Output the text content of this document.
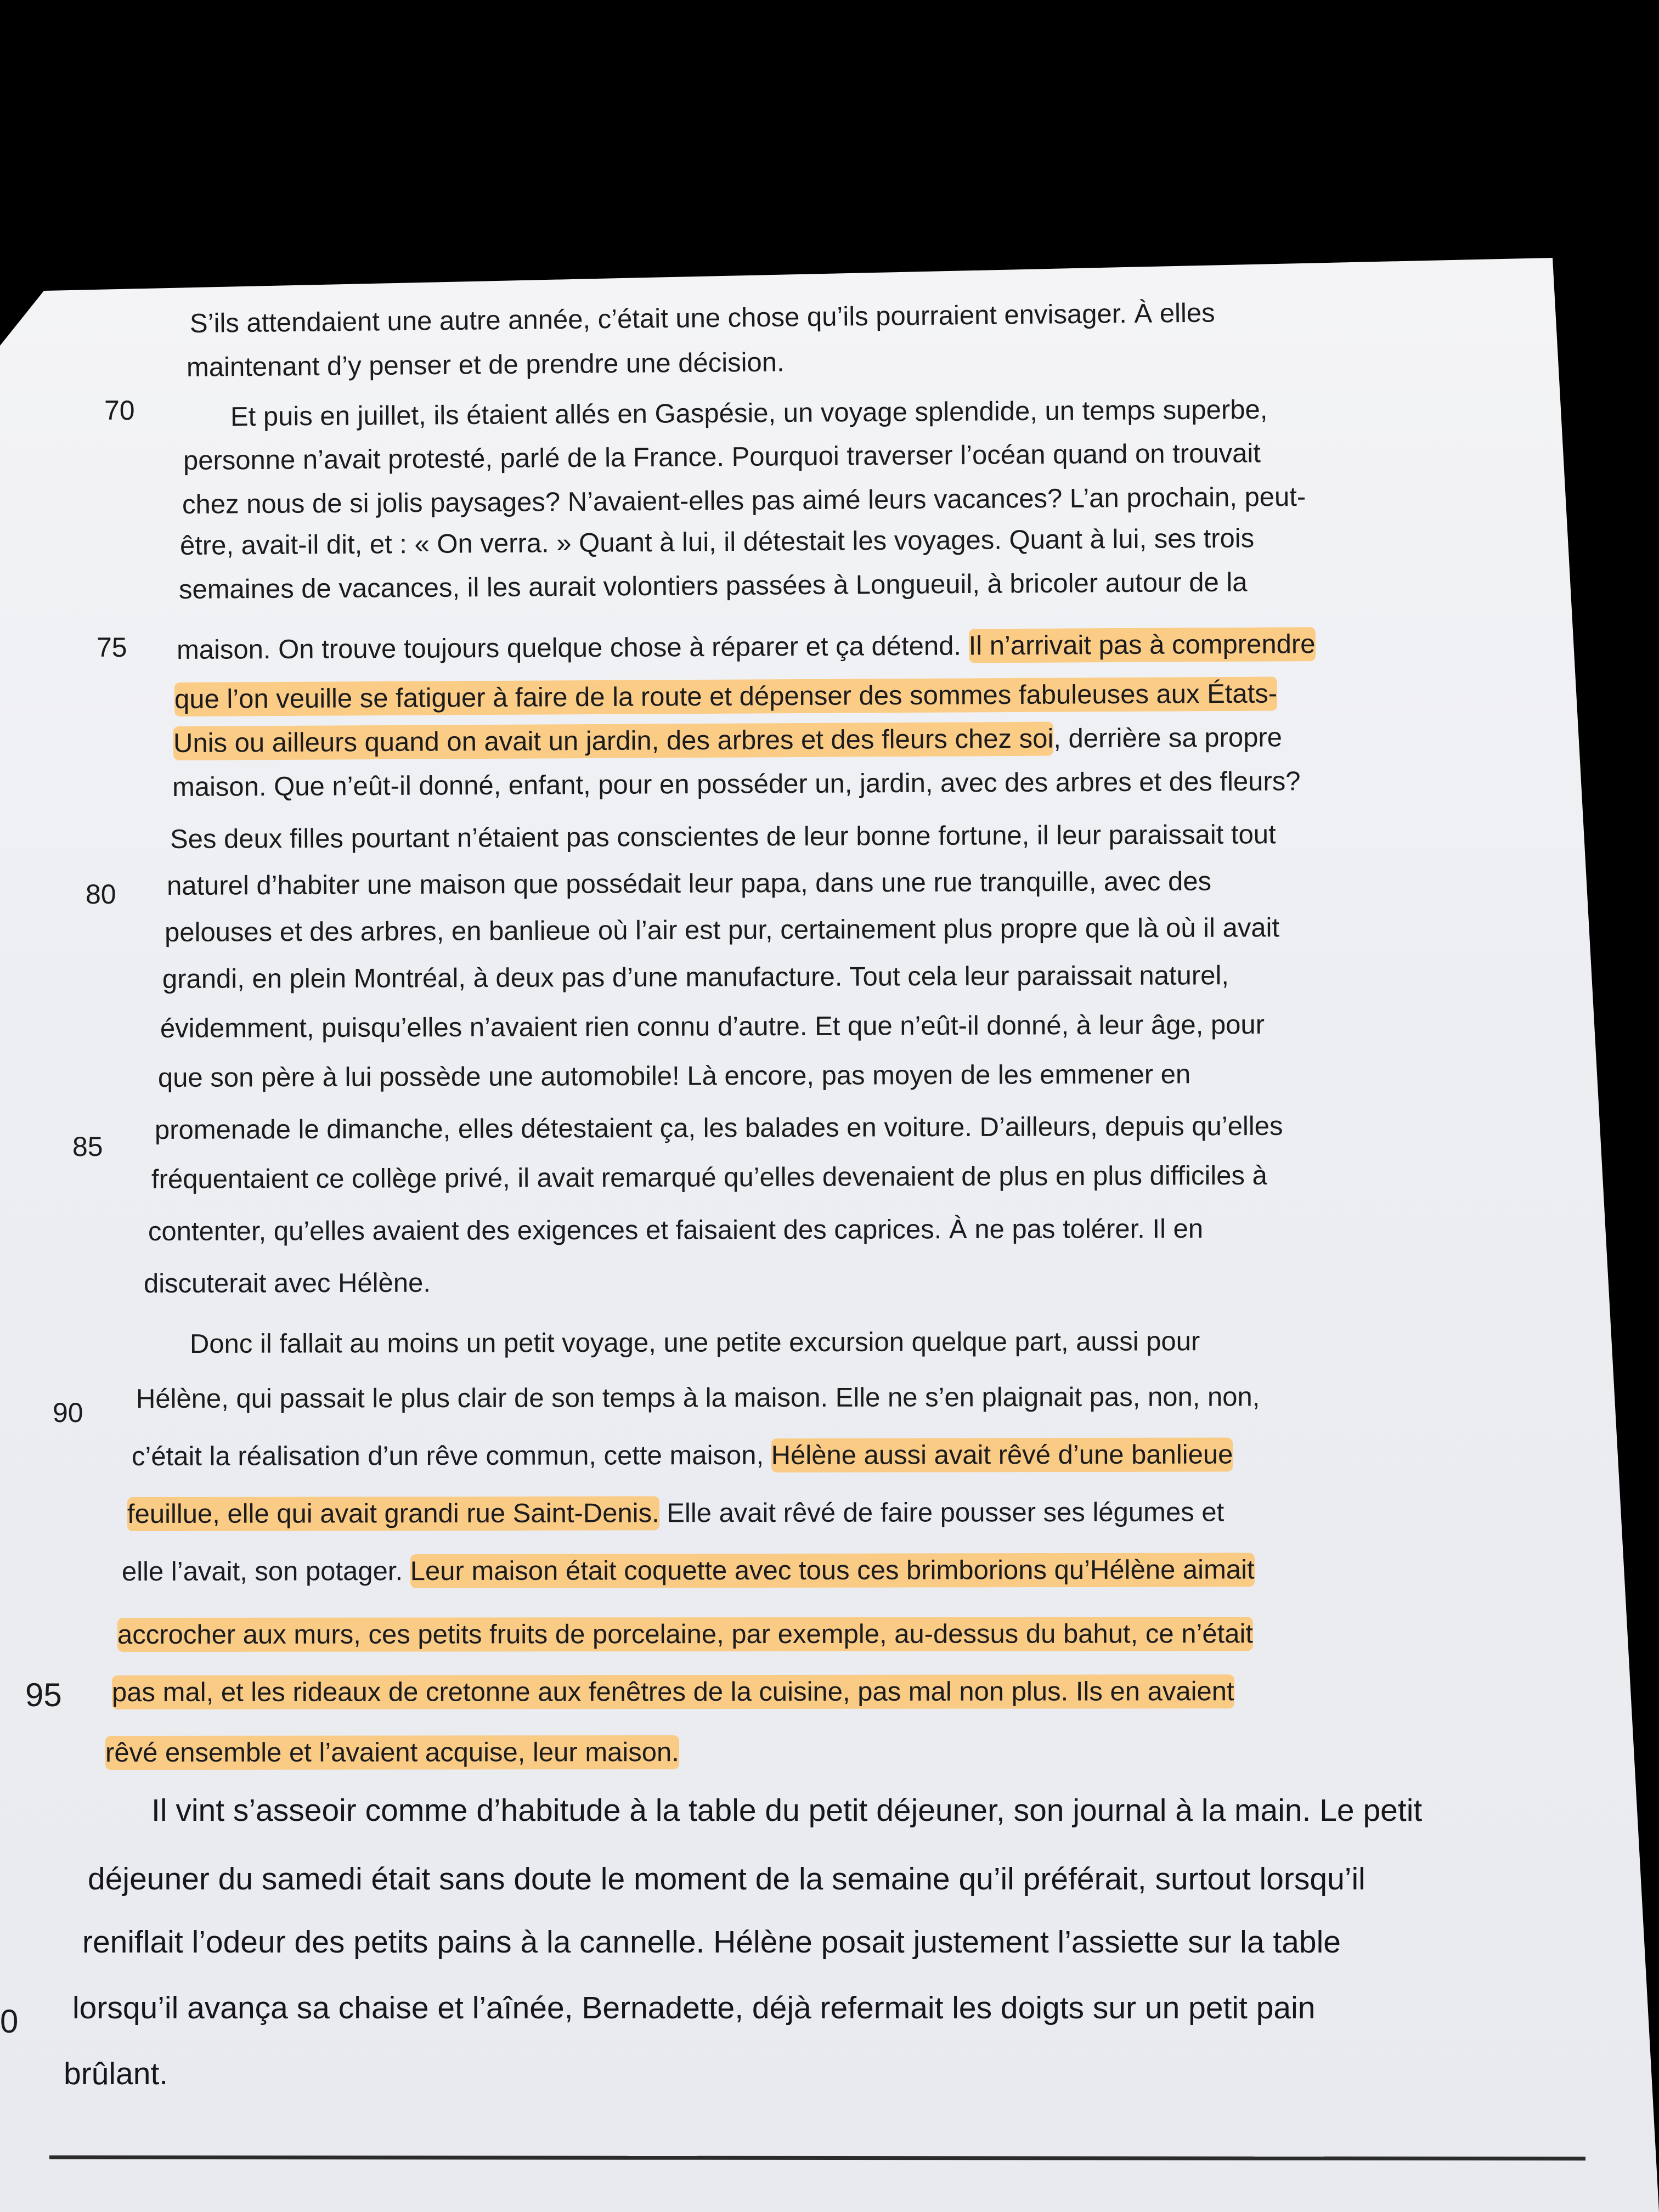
S’ils attendaient une autre année, c’était une chose qu’ils pourraient envisager. À elles
maintenant d’y penser et de prendre une décision.
Et puis en juillet, ils étaient allés en Gaspésie, un voyage splendide, un temps superbe,
personne n’avait protesté, parlé de la France. Pourquoi traverser l’océan quand on trouvait
chez nous de si jolis paysages? N’avaient-elles pas aimé leurs vacances? L’an prochain, peut-
être, avait-il dit, et : « On verra. » Quant à lui, il détestait les voyages. Quant à lui, ses trois
semaines de vacances, il les aurait volontiers passées à Longueuil, à bricoler autour de la
maison. On trouve toujours quelque chose à réparer et ça détend. Il n’arrivait pas à comprendre
que l’on veuille se fatiguer à faire de la route et dépenser des sommes fabuleuses aux États-
Unis ou ailleurs quand on avait un jardin, des arbres et des fleurs chez soi, derrière sa propre
maison. Que n’eût-il donné, enfant, pour en posséder un, jardin, avec des arbres et des fleurs?
Ses deux filles pourtant n’étaient pas conscientes de leur bonne fortune, il leur paraissait tout
naturel d’habiter une maison que possédait leur papa, dans une rue tranquille, avec des
pelouses et des arbres, en banlieue où l’air est pur, certainement plus propre que là où il avait
grandi, en plein Montréal, à deux pas d’une manufacture. Tout cela leur paraissait naturel,
évidemment, puisqu’elles n’avaient rien connu d’autre. Et que n’eût-il donné, à leur âge, pour
que son père à lui possède une automobile! Là encore, pas moyen de les emmener en
promenade le dimanche, elles détestaient ça, les balades en voiture. D’ailleurs, depuis qu’elles
fréquentaient ce collège privé, il avait remarqué qu’elles devenaient de plus en plus difficiles à
contenter, qu’elles avaient des exigences et faisaient des caprices. À ne pas tolérer. Il en
discuterait avec Hélène.
Donc il fallait au moins un petit voyage, une petite excursion quelque part, aussi pour
Hélène, qui passait le plus clair de son temps à la maison. Elle ne s’en plaignait pas, non, non,
c’était la réalisation d’un rêve commun, cette maison, Hélène aussi avait rêvé d’une banlieue
feuillue, elle qui avait grandi rue Saint-Denis. Elle avait rêvé de faire pousser ses légumes et
elle l’avait, son potager. Leur maison était coquette avec tous ces brimborions qu’Hélène aimait
accrocher aux murs, ces petits fruits de porcelaine, par exemple, au-dessus du bahut, ce n’était
pas mal, et les rideaux de cretonne aux fenêtres de la cuisine, pas mal non plus. Ils en avaient
rêvé ensemble et l’avaient acquise, leur maison.
Il vint s’asseoir comme d’habitude à la table du petit déjeuner, son journal à la main. Le petit
déjeuner du samedi était sans doute le moment de la semaine qu’il préférait, surtout lorsqu’il
reniflait l’odeur des petits pains à la cannelle. Hélène posait justement l’assiette sur la table
lorsqu’il avança sa chaise et l’aînée, Bernadette, déjà refermait les doigts sur un petit pain
brûlant.
70
75
80
85
90
95
0
